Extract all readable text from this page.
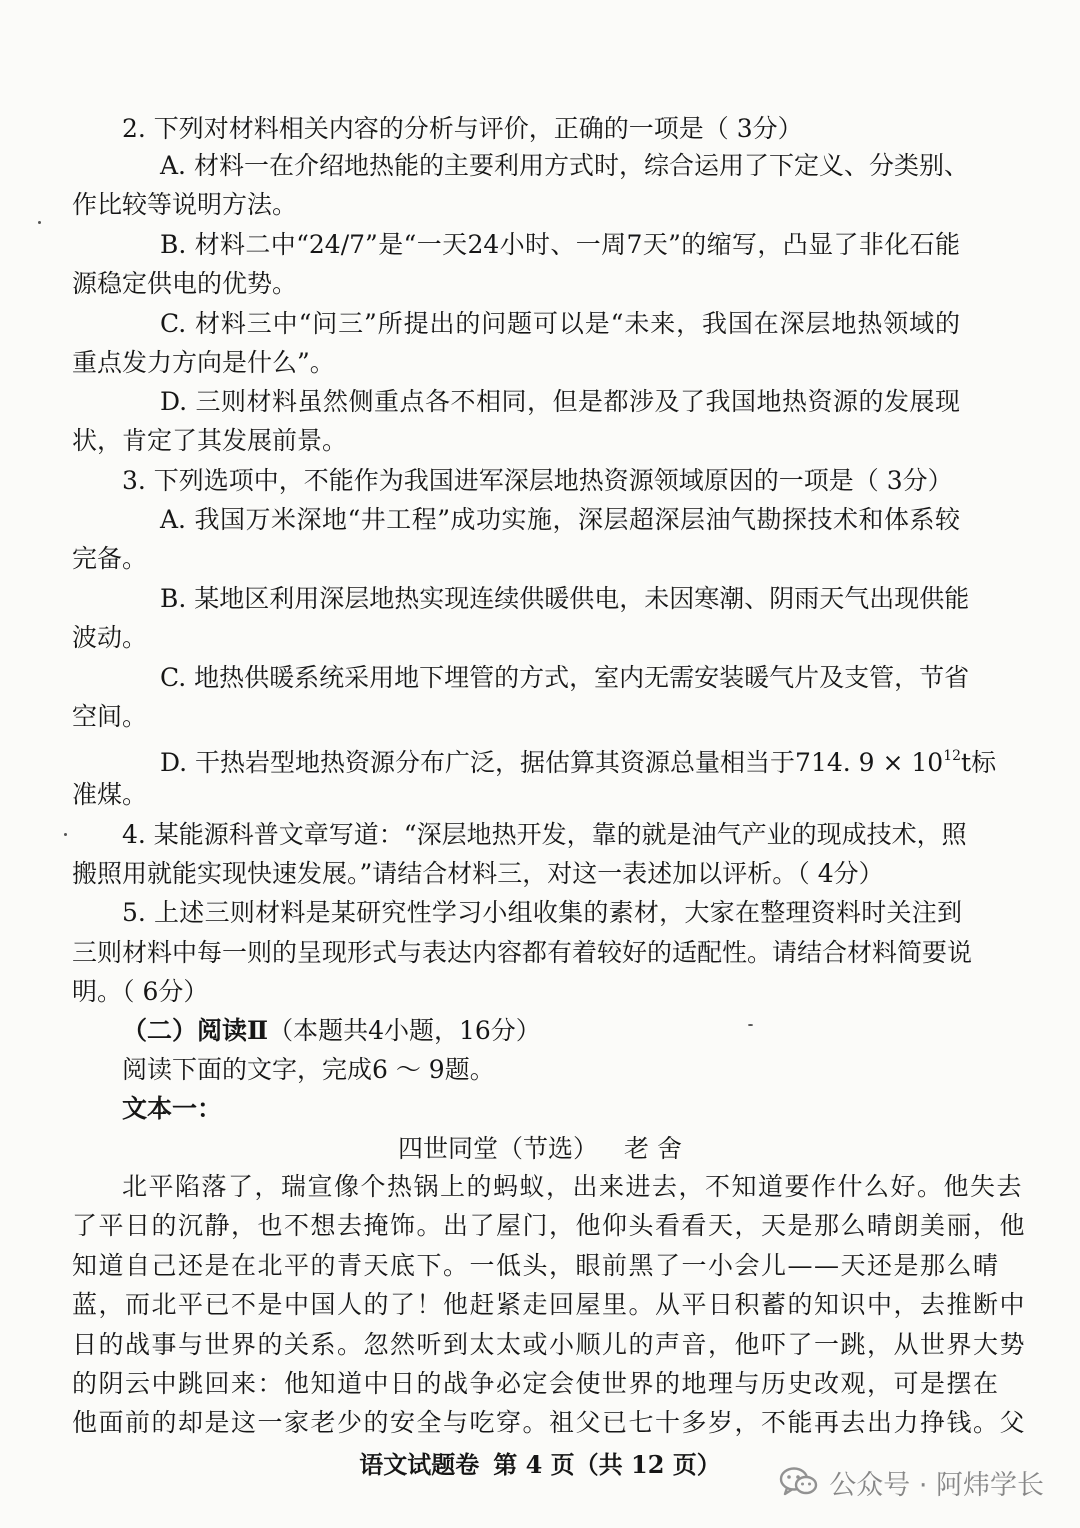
2. 下列对材料相关内容的分析与评价，正确的一项是（ 3分）
A. 材料一在介绍地热能的主要利用方式时，综合运用了下定义、分类别、
作比较等说明方法。
B. 材料二中“24/7”是“一天24小时、一周7天”的缩写，凸显了非化石能
源稳定供电的优势。
C. 材料三中“问三”所提出的问题可以是“未来，我国在深层地热领域的
重点发力方向是什么”。
D. 三则材料虽然侧重点各不相同，但是都涉及了我国地热资源的发展现
状，肯定了其发展前景。
3. 下列选项中，不能作为我国进军深层地热资源领域原因的一项是（ 3分）
A. 我国万米深地“井工程”成功实施，深层超深层油气勘探技术和体系较
完备。
B. 某地区利用深层地热实现连续供暖供电，未因寒潮、阴雨天气出现供能
波动。
C. 地热供暖系统采用地下埋管的方式，室内无需安装暖气片及支管，节省
空间。
D. 干热岩型地热资源分布广泛，据估算其资源总量相当于714. $9 \times 10^{12}t$标
准煤。
4. 某能源科普文章写道：“深层地热开发，靠的就是油气产业的现成技术，照
搬照用就能实现快速发展。”请结合材料三，对这一表述加以评析。（ 4分）
5. 上述三则材料是某研究性学习小组收集的素材，大家在整理资料时关注到
三则材料中每一则的呈现形式与表达内容都有着较好的适配性。请结合材料简要说
明。（ 6分）
（二）阅读Ⅱ（本题共4小题，16分）
阅读下面的文字，完成6 ～ 9题。
文本一：
四世同堂（节选） 老 舍
北平陷落了，瑞宣像个热锅上的蚂蚁，出来进去，不知道要作什么好。他失去
了平日的沉静，也不想去掩饰。出了屋门，他仰头看看天，天是那么晴朗美丽，他
知道自己还是在北平的青天底下。一低头，眼前黑了一小会儿——天还是那么晴
蓝，而北平已不是中国人的了！他赶紧走回屋里。从平日积蓄的知识中，去推断中
日的战事与世界的关系。忽然听到太太或小顺儿的声音，他吓了一跳，从世界大势
的阴云中跳回来：他知道中日的战争必定会使世界的地理与历史改观，可是摆在
他面前的却是这一家老少的安全与吃穿。祖父已七十多岁，不能再去出力挣钱。父
语文试题卷 第 4 页（共 12 页）
公众号 · 阿炜学长
